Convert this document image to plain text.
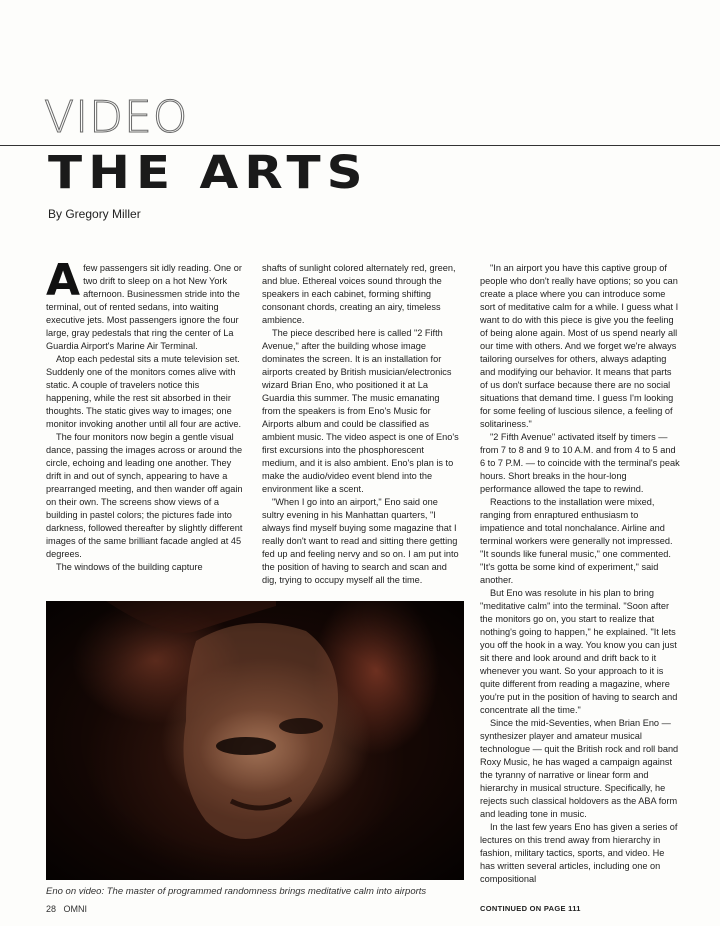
VIDEO
THE ARTS
By Gregory Miller
A few passengers sit idly reading. One or two drift to sleep on a hot New York afternoon. Businessmen stride into the terminal, out of rented sedans, into waiting executive jets. Most passengers ignore the four large, gray pedestals that ring the center of La Guardia Airport's Marine Air Terminal.

Atop each pedestal sits a mute television set. Suddenly one of the monitors comes alive with static. A couple of travelers notice this happening, while the rest sit absorbed in their thoughts. The static gives way to images; one monitor invoking another until all four are active.

The four monitors now begin a gentle visual dance, passing the images across or around the circle, echoing and leading one another. They drift in and out of synch, appearing to have a prearranged meeting, and then wander off again on their own. The screens show views of a building in pastel colors; the pictures fade into darkness, followed thereafter by slightly different images of the same brilliant facade angled at 45 degrees.

The windows of the building capture

shafts of sunlight colored alternately red, green, and blue. Ethereal voices sound through the speakers in each cabinet, forming shifting consonant chords, creating an airy, timeless ambience.

The piece described here is called "2 Fifth Avenue," after the building whose image dominates the screen. It is an installation for airports created by British musician/electronics wizard Brian Eno, who positioned it at La Guardia this summer. The music emanating from the speakers is from Eno's Music for Airports album and could be classified as ambient music. The video aspect is one of Eno's first excursions into the phosphorescent medium, and it is also ambient. Eno's plan is to make the audio/video event blend into the environment like a scent.

"When I go into an airport," Eno said one sultry evening in his Manhattan quarters, "I always find myself buying some magazine that I really don't want to read and sitting there getting fed up and feeling nervy and so on. I am put into the position of having to search and scan and dig, trying to occupy myself all the time.

"In an airport you have this captive group of people who don't really have options; so you can create a place where you can introduce some sort of meditative calm for a while. I guess what I want to do with this piece is give you the feeling of being alone again. Most of us spend nearly all our time with others. And we forget we're always tailoring ourselves for others, always adapting and modifying our behavior. It means that parts of us don't surface because there are no social situations that demand time. I guess I'm looking for some feeling of luscious silence, a feeling of solitariness."

"2 Fifth Avenue" activated itself by timers — from 7 to 8 and 9 to 10 A.M. and from 4 to 5 and 6 to 7 P.M. — to coincide with the terminal's peak hours. Short breaks in the hour-long performance allowed the tape to rewind.

Reactions to the installation were mixed, ranging from enraptured enthusiasm to impatience and total nonchalance. Airline and terminal workers were generally not impressed. "It sounds like funeral music," one commented. "It's gotta be some kind of experiment," said another.

But Eno was resolute in his plan to bring "meditative calm" into the terminal. "Soon after the monitors go on, you start to realize that nothing's going to happen," he explained. "It lets you off the hook in a way. You know you can just sit there and look around and drift back to it whenever you want. So your approach to it is quite different from reading a magazine, where you're put in the position of having to search and concentrate all the time."

Since the mid-Seventies, when Brian Eno — synthesizer player and amateur musical technologue — quit the British rock and roll band Roxy Music, he has waged a campaign against the tyranny of narrative or linear form and hierarchy in musical structure. Specifically, he rejects such classical holdovers as the ABA form and leading tone in music.

In the last few years Eno has given a series of lectures on this trend away from hierarchy in fashion, military tactics, sports, and video. He has written several articles, including one on compositional

Eno on video: The master of programmed randomness brings meditative calm into airports
28 OMNI	CONTINUED ON PAGE 111
